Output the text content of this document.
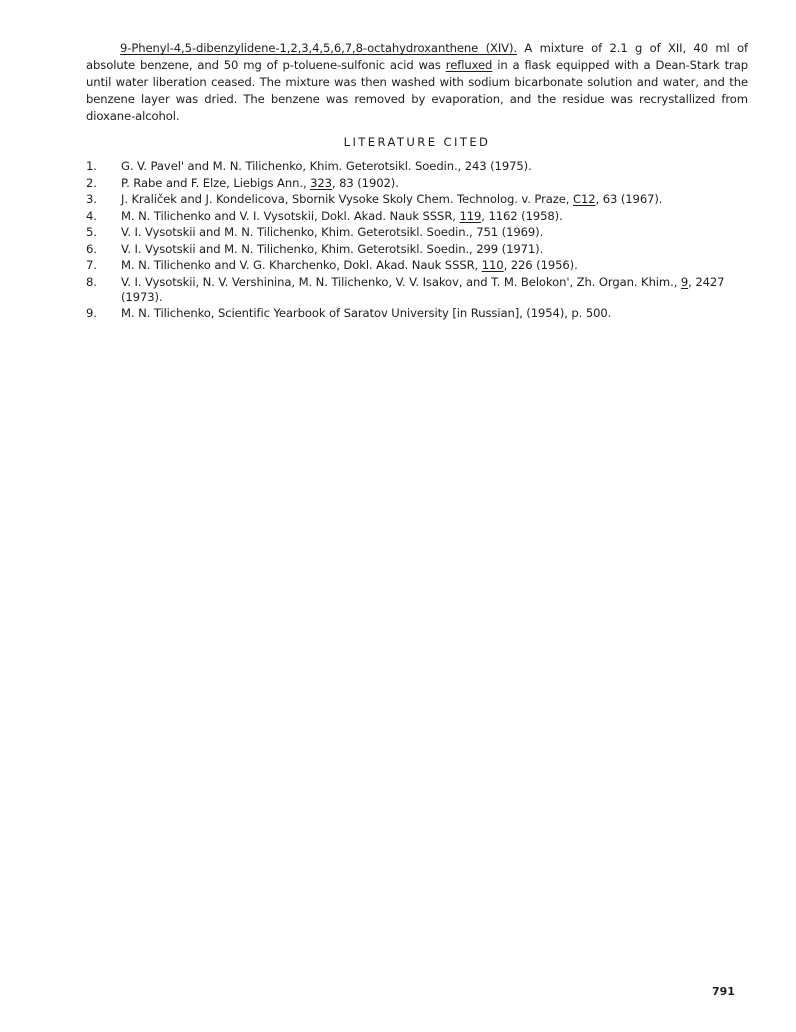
9-Phenyl-4,5-dibenzylidene-1,2,3,4,5,6,7,8-octahydroxanthene (XIV). A mixture of 2.1 g of XII, 40 ml of absolute benzene, and 50 mg of p-toluene-sulfonic acid was refluxed in a flask equipped with a Dean-Stark trap until water liberation ceased. The mixture was then washed with sodium bicarbonate solution and water, and the benzene layer was dried. The benzene was removed by evaporation, and the residue was recrystallized from dioxane-alcohol.

LITERATURE CITED
1. G. V. Pavel' and M. N. Tilichenko, Khim. Geterotsikl. Soedin., 243 (1975).
2. P. Rabe and F. Elze, Liebigs Ann., 323, 83 (1902).
3. J. Kraliček and J. Kondelicova, Sbornik Vysoke Skoly Chem. Technolog. v. Praze, C12, 63 (1967).
4. M. N. Tilichenko and V. I. Vysotskii, Dokl. Akad. Nauk SSSR, 119, 1162 (1958).
5. V. I. Vysotskii and M. N. Tilichenko, Khim. Geterotsikl. Soedin., 751 (1969).
6. V. I. Vysotskii and M. N. Tilichenko, Khim. Geterotsikl. Soedin., 299 (1971).
7. M. N. Tilichenko and V. G. Kharchenko, Dokl. Akad. Nauk SSSR, 110, 226 (1956).
8. V. I. Vysotskii, N. V. Vershinina, M. N. Tilichenko, V. V. Isakov, and T. M. Belokon', Zh. Organ. Khim., 9, 2427 (1973).
9. M. N. Tilichenko, Scientific Yearbook of Saratov University [in Russian], (1954), p. 500.
791
